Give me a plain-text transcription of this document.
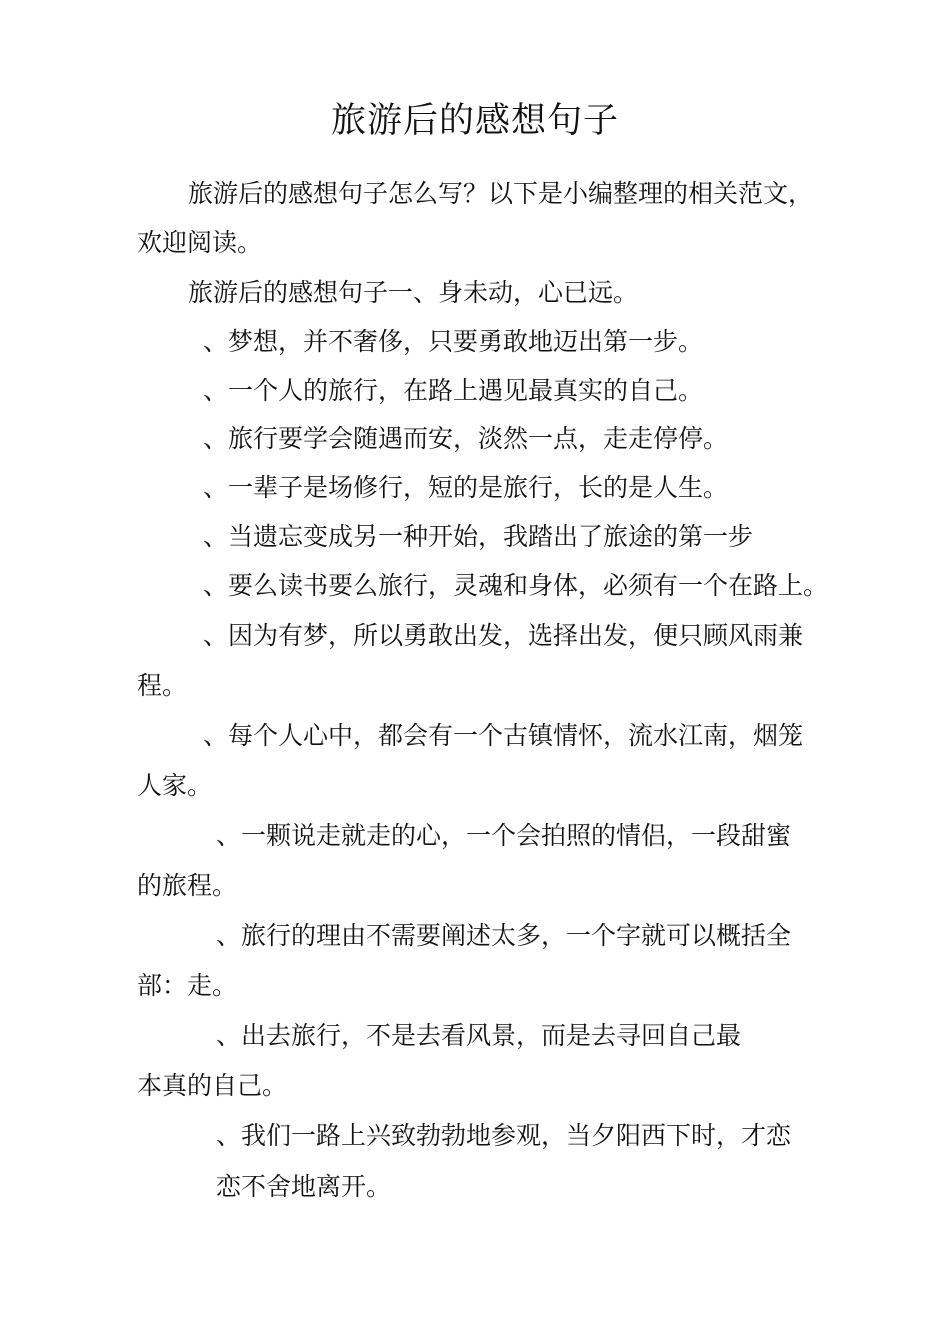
旅游后的感想句子
旅游后的感想句子怎么写？以下是小编整理的相关范文，
欢迎阅读。
旅游后的感想句子一、身未动，心已远。
、梦想，并不奢侈，只要勇敢地迈出第一步。
、一个人的旅行，在路上遇见最真实的自己。
、旅行要学会随遇而安，淡然一点，走走停停。
、一辈子是场修行，短的是旅行，长的是人生。
、当遗忘变成另一种开始，我踏出了旅途的第一步
、要么读书要么旅行，灵魂和身体，必须有一个在路上。
、因为有梦，所以勇敢出发，选择出发，便只顾风雨兼
程。
、每个人心中，都会有一个古镇情怀，流水江南，烟笼
人家。
、一颗说走就走的心，一个会拍照的情侣，一段甜蜜
的旅程。
、旅行的理由不需要阐述太多，一个字就可以概括全
部：走。
、出去旅行，不是去看风景，而是去寻回自己最
本真的自己。
、我们一路上兴致勃勃地参观，当夕阳西下时，才恋
恋不舍地离开。
